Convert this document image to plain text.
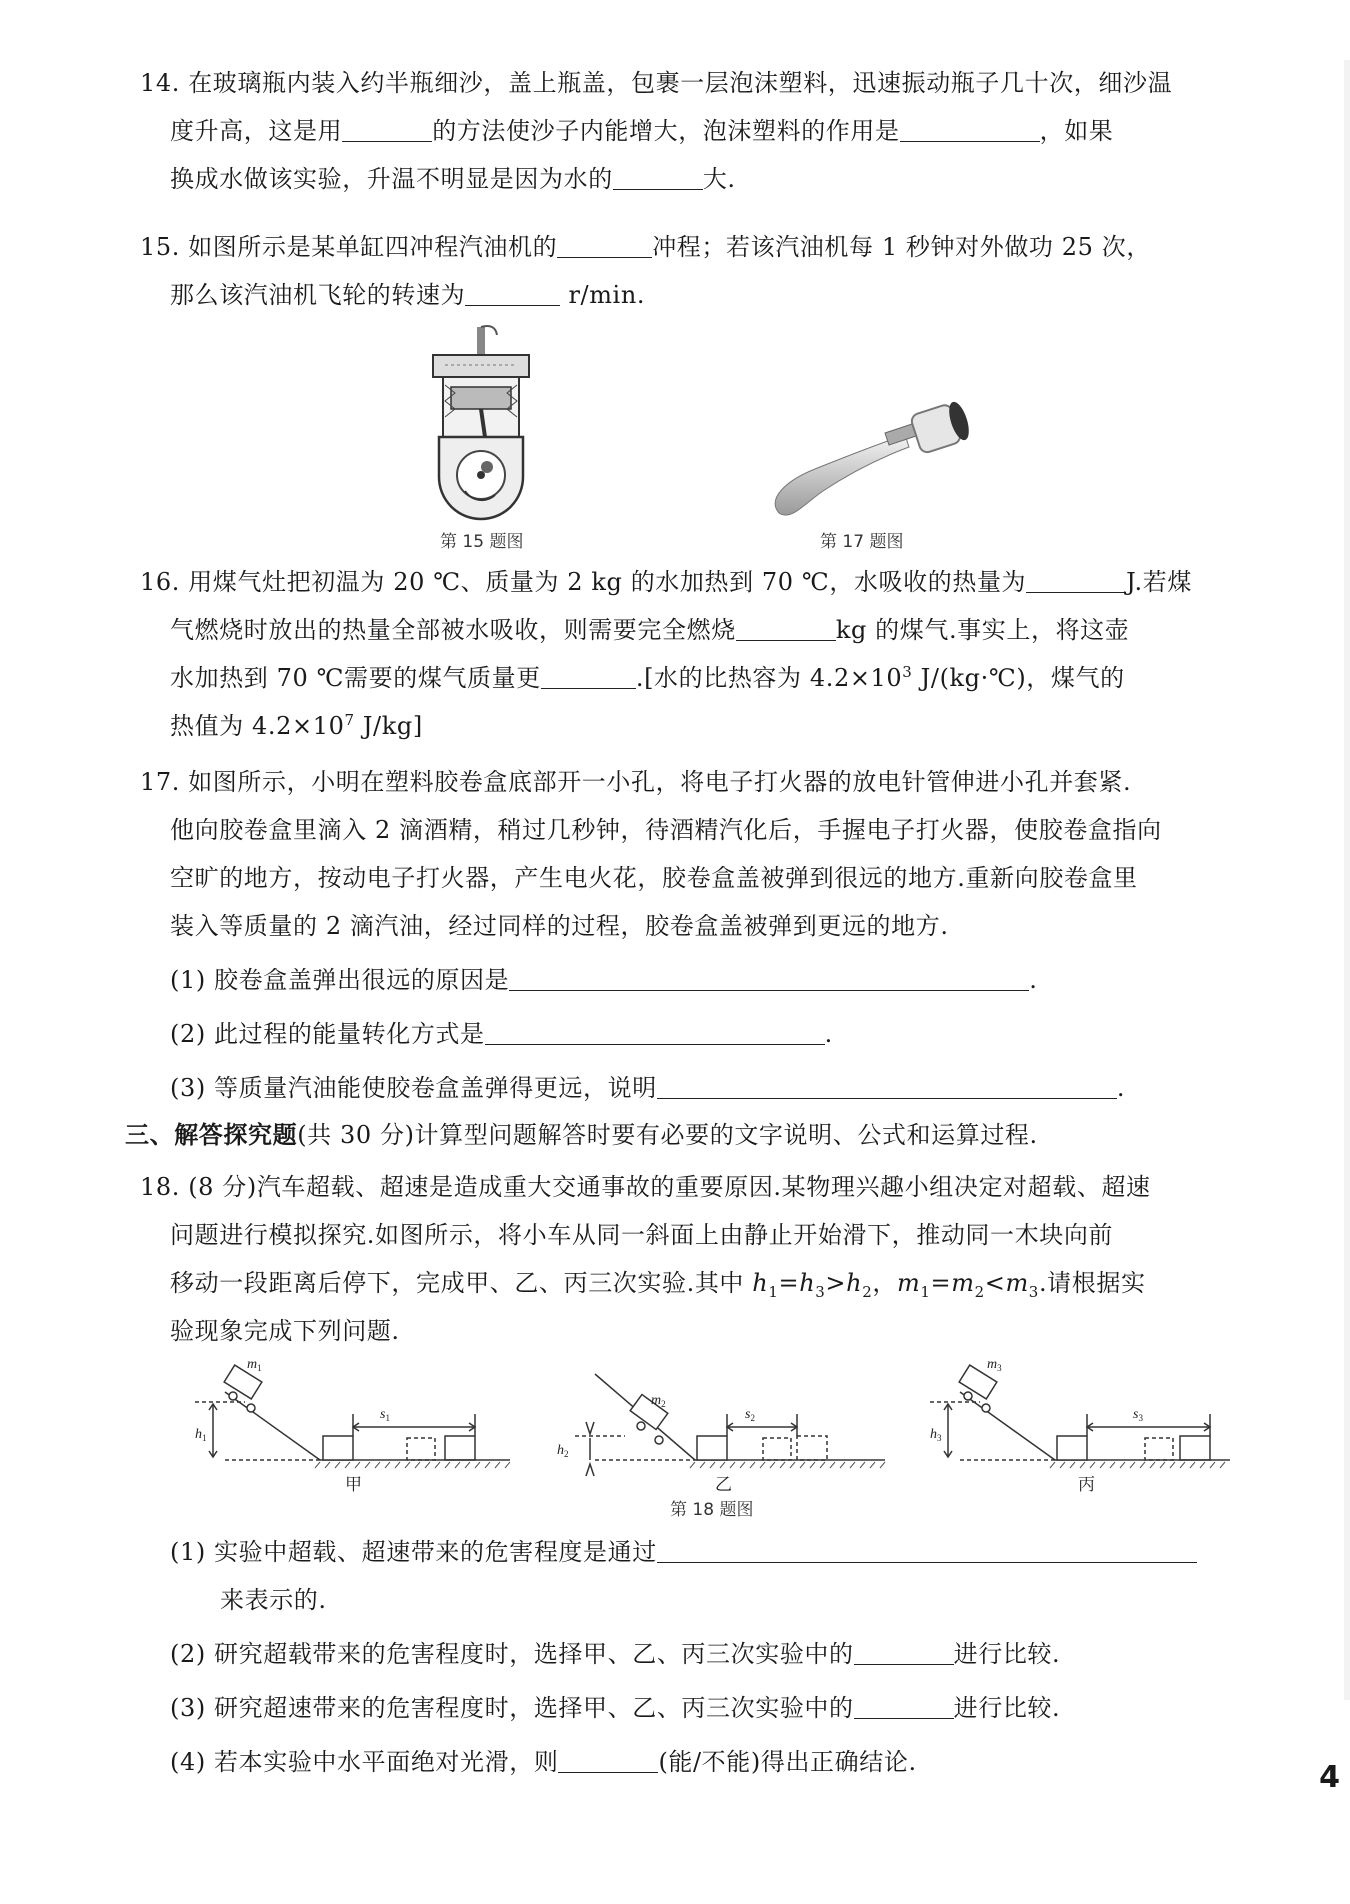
14. 在玻璃瓶内装入约半瓶细沙，盖上瓶盖，包裹一层泡沫塑料，迅速振动瓶子几十次，细沙温
度升高，这是用	的方法使沙子内能增大，泡沫塑料的作用是	，如果
换成水做该实验，升温不明显是因为水的	大.
15. 如图所示是某单缸四冲程汽油机的	冲程；若该汽油机每 1 秒钟对外做功 25 次，
那么该汽油机飞轮的转速为	r/min.
第 15 题图	第 17 题图
16. 用煤气灶把初温为 20 ℃、质量为 2 kg 的水加热到 70 ℃，水吸收的热量为	J.若煤
气燃烧时放出的热量全部被水吸收，则需要完全燃烧	kg 的煤气.事实上，将这壶
水加热到 70 ℃需要的煤气质量更	.[水的比热容为 $4.2\times 10^3$ J/(kg·℃)，煤气的
热值为 $4.2\times 10^7$ J/kg]
17. 如图所示，小明在塑料胶卷盒底部开一小孔，将电子打火器的放电针管伸进小孔并套紧.
他向胶卷盒里滴入 2 滴酒精，稍过几秒钟，待酒精汽化后，手握电子打火器，使胶卷盒指向
空旷的地方，按动电子打火器，产生电火花，胶卷盒盖被弹到很远的地方.重新向胶卷盒里
装入等质量的 2 滴汽油，经过同样的过程，胶卷盒盖被弹到更远的地方.
(1) 胶卷盒盖弹出很远的原因是	.
(2) 此过程的能量转化方式是	.
(3) 等质量汽油能使胶卷盒盖弹得更远，说明	.
三、解答探究题(共 30 分)计算型问题解答时要有必要的文字说明、公式和运算过程.
18. (8 分)汽车超载、超速是造成重大交通事故的重要原因.某物理兴趣小组决定对超载、超速
问题进行模拟探究.如图所示，将小车从同一斜面上由静止开始滑下，推动同一木块向前
移动一段距离后停下，完成甲、乙、丙三次实验.其中 $h_1=h_3>h_2$，$m_1=m_2<m_3$.请根据实
验现象完成下列问题.
$m_1$
$h_1$
$s_1$
$m_2$
$h_2$
$s_2$
$m_3$
$h_3$
$s_3$
甲	乙	丙
第 18 题图
(1) 实验中超载、超速带来的危害程度是通过
来表示的.
(2) 研究超载带来的危害程度时，选择甲、乙、丙三次实验中的	进行比较.
(3) 研究超速带来的危害程度时，选择甲、乙、丙三次实验中的	进行比较.
(4) 若本实验中水平面绝对光滑，则	(能/不能)得出正确结论.	4
